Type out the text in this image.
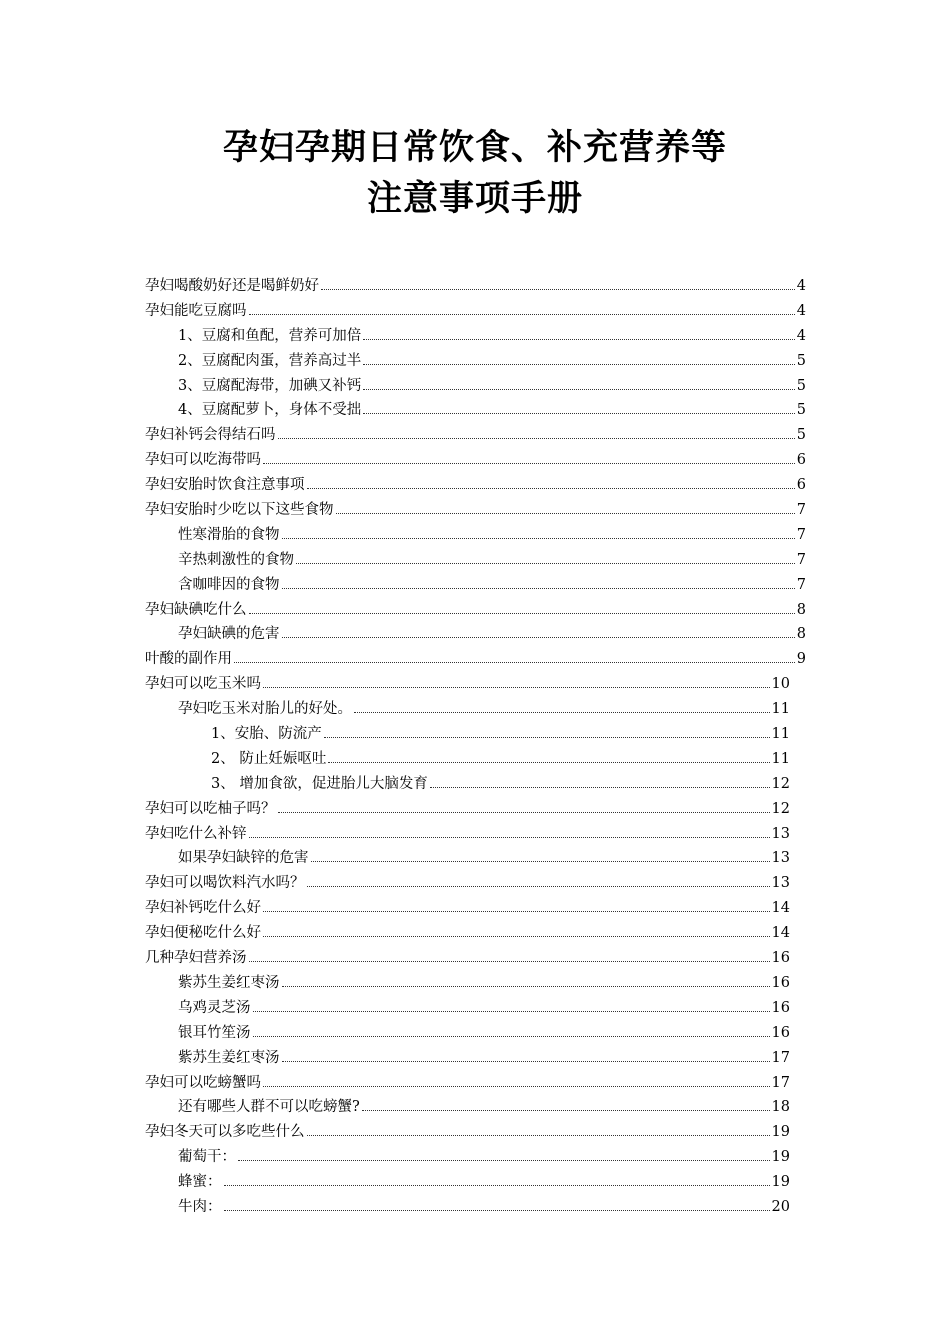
孕妇孕期日常饮食、补充营养等
注意事项手册
孕妇喝酸奶好还是喝鲜奶好	4
孕妇能吃豆腐吗	4
1、豆腐和鱼配，营养可加倍	4
2、豆腐配肉蛋，营养高过半	5
3、豆腐配海带，加碘又补钙	5
4、豆腐配萝卜，身体不受拙	5
孕妇补钙会得结石吗	5
孕妇可以吃海带吗	6
孕妇安胎时饮食注意事项	6
孕妇安胎时少吃以下这些食物	7
性寒滑胎的食物	7
辛热刺激性的食物	7
含咖啡因的食物	7
孕妇缺碘吃什么	8
孕妇缺碘的危害	8
叶酸的副作用	9
孕妇可以吃玉米吗	10
孕妇吃玉米对胎儿的好处。	11
1、安胎、防流产	11
2、 防止妊娠呕吐	11
3、 增加食欲，促进胎儿大脑发育	12
孕妇可以吃柚子吗？	12
孕妇吃什么补锌	13
如果孕妇缺锌的危害	13
孕妇可以喝饮料汽水吗？	13
孕妇补钙吃什么好	14
孕妇便秘吃什么好	14
几种孕妇营养汤	16
紫苏生姜红枣汤	16
乌鸡灵芝汤	16
银耳竹笙汤	16
紫苏生姜红枣汤	17
孕妇可以吃螃蟹吗	17
还有哪些人群不可以吃螃蟹?	18
孕妇冬天可以多吃些什么	19
葡萄干：	19
蜂蜜：	19
牛肉：	20
